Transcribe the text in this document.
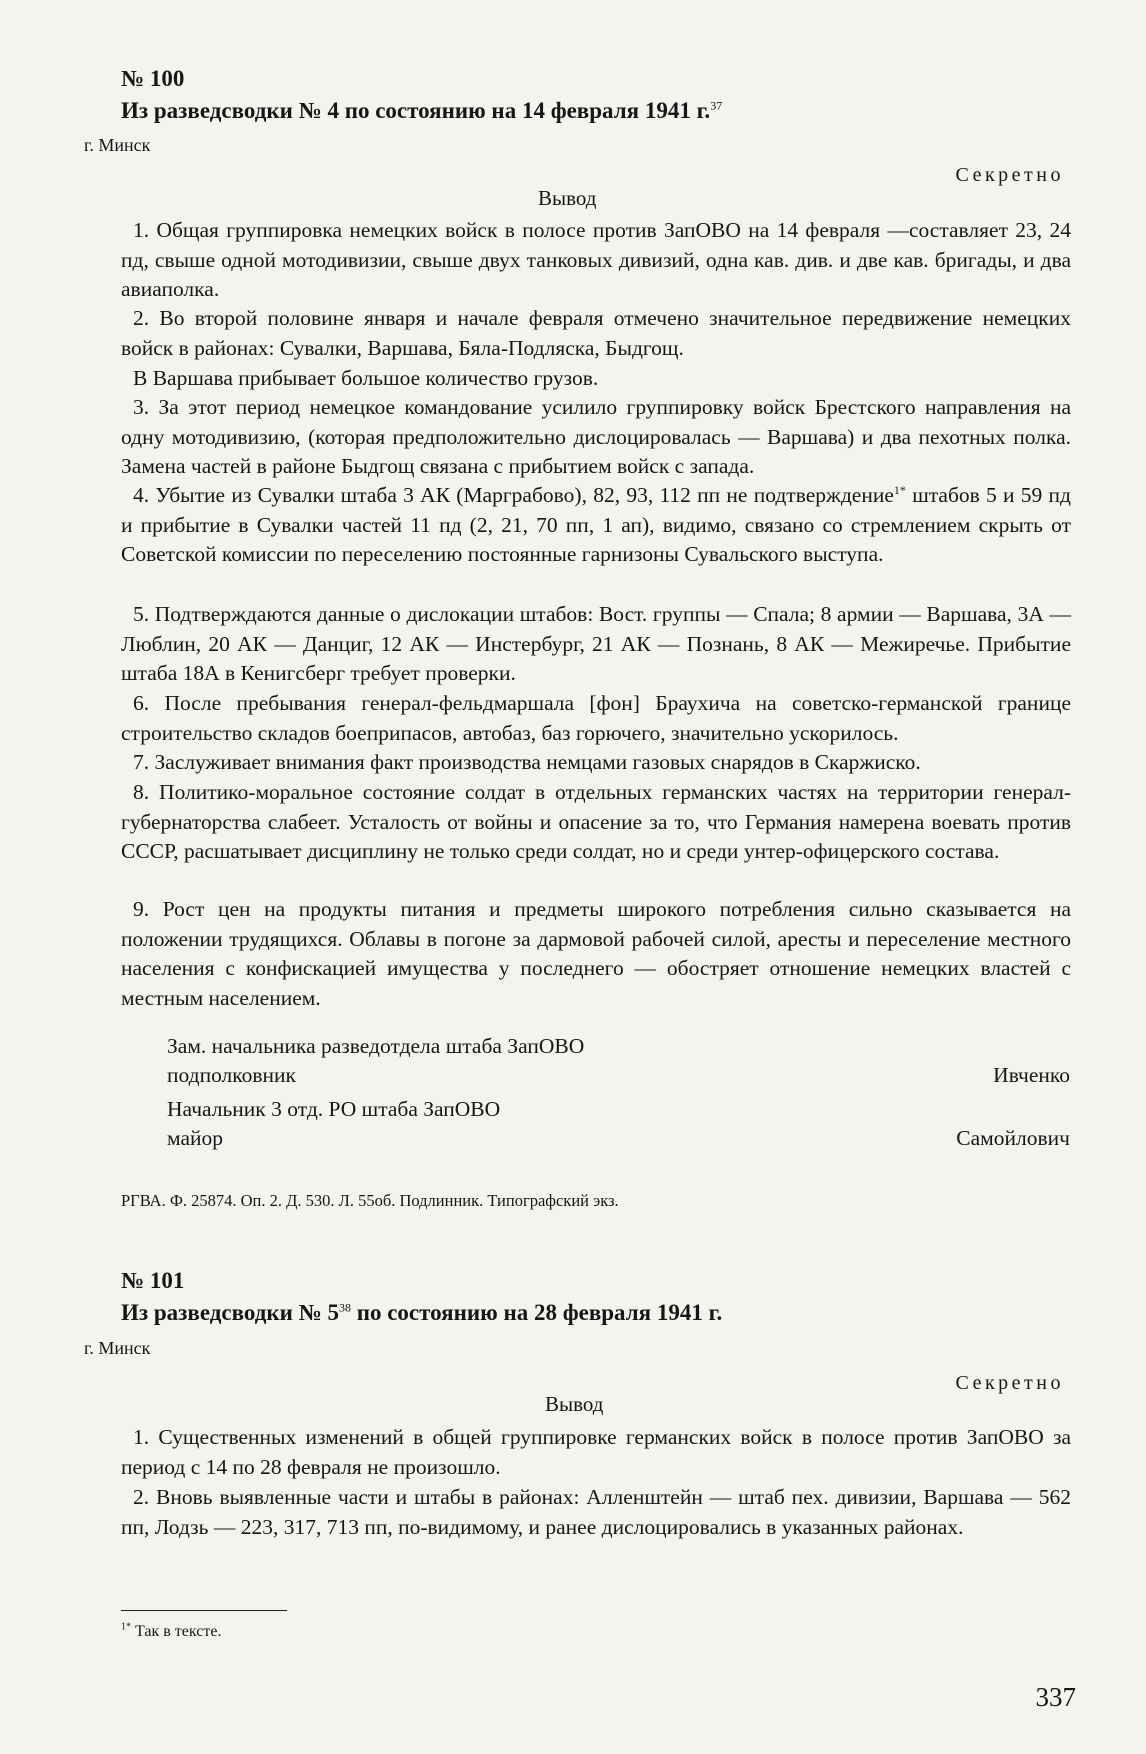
№ 100
Из разведсводки № 4 по состоянию на 14 февраля 1941 г.$^{37}$
г. Минск
Секретно
Вывод
1. Общая группировка немецких войск в полосе против ЗапОВО на 14 февраля —составляет 23, 24 пд, свыше одной мотодивизии, свыше двух танковых дивизий, одна кав. див. и две кав. бригады, и два авиаполка.
2. Во второй половине января и начале февраля отмечено значительное передвижение немецких войск в районах: Сувалки, Варшава, Бяла-Подляска, Быдгощ.
В Варшава прибывает большое количество грузов.
3. За этот период немецкое командование усилило группировку войск Брестского направления на одну мотодивизию, (которая предположительно дислоцировалась — Варшава) и два пехотных полка. Замена частей в районе Быдгощ связана с прибытием войск с запада.
4. Убытие из Сувалки штаба 3 АК (Марграбово), 82, 93, 112 пп не подтверждение$^{1*}$ штабов 5 и 59 пд и прибытие в Сувалки частей 11 пд (2, 21, 70 пп, 1 ап), видимо, связано со стремлением скрыть от Советской комиссии по переселению постоянные гарнизоны Сувальского выступа.
5. Подтверждаются данные о дислокации штабов: Вост. группы — Спала; 8 армии — Варшава, 3А — Люблин, 20 АК — Данциг, 12 АК — Инстербург, 21 АК — Познань, 8 АК — Межиречье. Прибытие штаба 18А в Кенигсберг требует проверки.
6. После пребывания генерал-фельдмаршала [фон] Браухича на советско-германской границе строительство складов боеприпасов, автобаз, баз горючего, значительно ускорилось.
7. Заслуживает внимания факт производства немцами газовых снарядов в Скаржиско.
8. Политико-моральное состояние солдат в отдельных германских частях на территории генерал-губернаторства слабеет. Усталость от войны и опасение за то, что Германия намерена воевать против СССР, расшатывает дисциплину не только среди солдат, но и среди унтер-офицерского состава.
9. Рост цен на продукты питания и предметы широкого потребления сильно сказывается на положении трудящихся. Облавы в погоне за дармовой рабочей силой, аресты и переселение местного населения с конфискацией имущества у последнего — обостряет отношение немецких властей с местным населением.
Зам. начальника разведотдела штаба ЗапОВО
подполковник	Ивченко
Начальник 3 отд. РО штаба ЗапОВО
майор	Самойлович
РГВА. Ф. 25874. Оп. 2. Д. 530. Л. 55об. Подлинник. Типографский экз.
№ 101
Из разведсводки № $5^{38}$ по состоянию на 28 февраля 1941 г.
г. Минск
Секретно
Вывод
1. Существенных изменений в общей группировке германских войск в полосе против ЗапОВО за период с 14 по 28 февраля не произошло.
2. Вновь выявленные части и штабы в районах: Алленштейн — штаб пех. дивизии, Варшава — 562 пп, Лодзь — 223, 317, 713 пп, по-видимому, и ранее дислоцировались в указанных районах.
$^{1*}$ Так в тексте.
337
